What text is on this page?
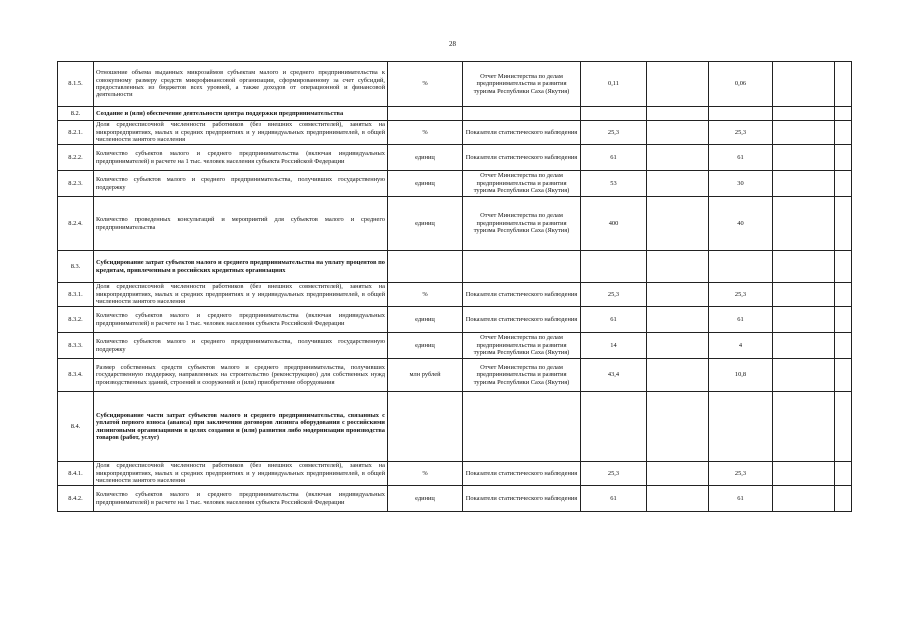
28
8.1.5.	Отношение объема выданных микрозаймов субъектам малого и среднего предпринимательства к совокупному размеру средств микрофинансовой организации, сформированному за счет субсидий, предоставленных из бюджетов всех уровней, а также доходов от операционной и финансовой деятельности	%	Отчет Министерства по делам предпринимательства и развития туризма Республики Саха (Якутия)	0,11		0,06		
8.2.	Создание и (или) обеспечение деятельности центра поддержки предпринимательства							
8.2.1.	Доля среднесписочной численности работников (без внешних совместителей), занятых на микропредприятиях, малых и средних предприятиях и у индивидуальных предпринимателей, в общей численности занятого населения	%	Показатели статистического наблюдения	25,3		25,3		
8.2.2.	Количество субъектов малого и среднего предпринимательства (включая индивидуальных предпринимателей) в расчете на 1 тыс. человек населения субъекта Российской Федерации	единиц	Показатели статистического наблюдения	61		61		
8.2.3.	Количество субъектов малого и среднего предпринимательства, получивших государственную поддержку	единиц	Отчет Министерства по делам предпринимательства и развития туризма Республики Саха (Якутия)	53		30		
8.2.4.	Количество проведенных консультаций и мероприятий для субъектов малого и среднего предпринимательства	единиц	Отчет Министерства по делам предпринимательства и развития туризма Республики Саха (Якутия)	400		40		
8.3.	Субсидирование затрат субъектов малого и среднего предпринимательства на уплату процентов по кредитам, привлеченным в российских кредитных организациях							
8.3.1.	Доля среднесписочной численности работников (без внешних совместителей), занятых на микропредприятиях, малых и средних предприятиях и у индивидуальных предпринимателей, в общей численности занятого населения	%	Показатели статистического наблюдения	25,3		25,3		
8.3.2.	Количество субъектов малого и среднего предпринимательства (включая индивидуальных предпринимателей) в расчете на 1 тыс. человек населения субъекта Российской Федерации	единиц	Показатели статистического наблюдения	61		61		
8.3.3.	Количество субъектов малого и среднего предпринимательства, получивших государственную поддержку	единиц	Отчет Министерства по делам предпринимательства и развития туризма Республики Саха (Якутия)	14		4		
8.3.4.	Размер собственных средств субъектов малого и среднего предпринимательства, получивших государственную поддержку, направленных на строительство (реконструкцию) для собственных нужд производственных зданий, строений и сооружений и (или) приобретение оборудования	млн рублей	Отчет Министерства по делам предпринимательства и развития туризма Республики Саха (Якутия)	43,4		10,8		
8.4.	Субсидирование части затрат субъектов малого и среднего предпринимательства, связанных с уплатой первого взноса (аванса) при заключении договоров лизинга оборудования с российскими лизинговыми организациями в целях создания и (или) развития либо модернизации производства товаров (работ, услуг)							
8.4.1.	Доля среднесписочной численности работников (без внешних совместителей), занятых на микропредприятиях, малых и средних предприятиях и у индивидуальных предпринимателей, в общей численности занятого населения	%	Показатели статистического наблюдения	25,3		25,3		
8.4.2.	Количество субъектов малого и среднего предпринимательства (включая индивидуальных предпринимателей) в расчете на 1 тыс. человек населения субъекта Российской Федерации	единиц	Показатели статистического наблюдения	61		61		
